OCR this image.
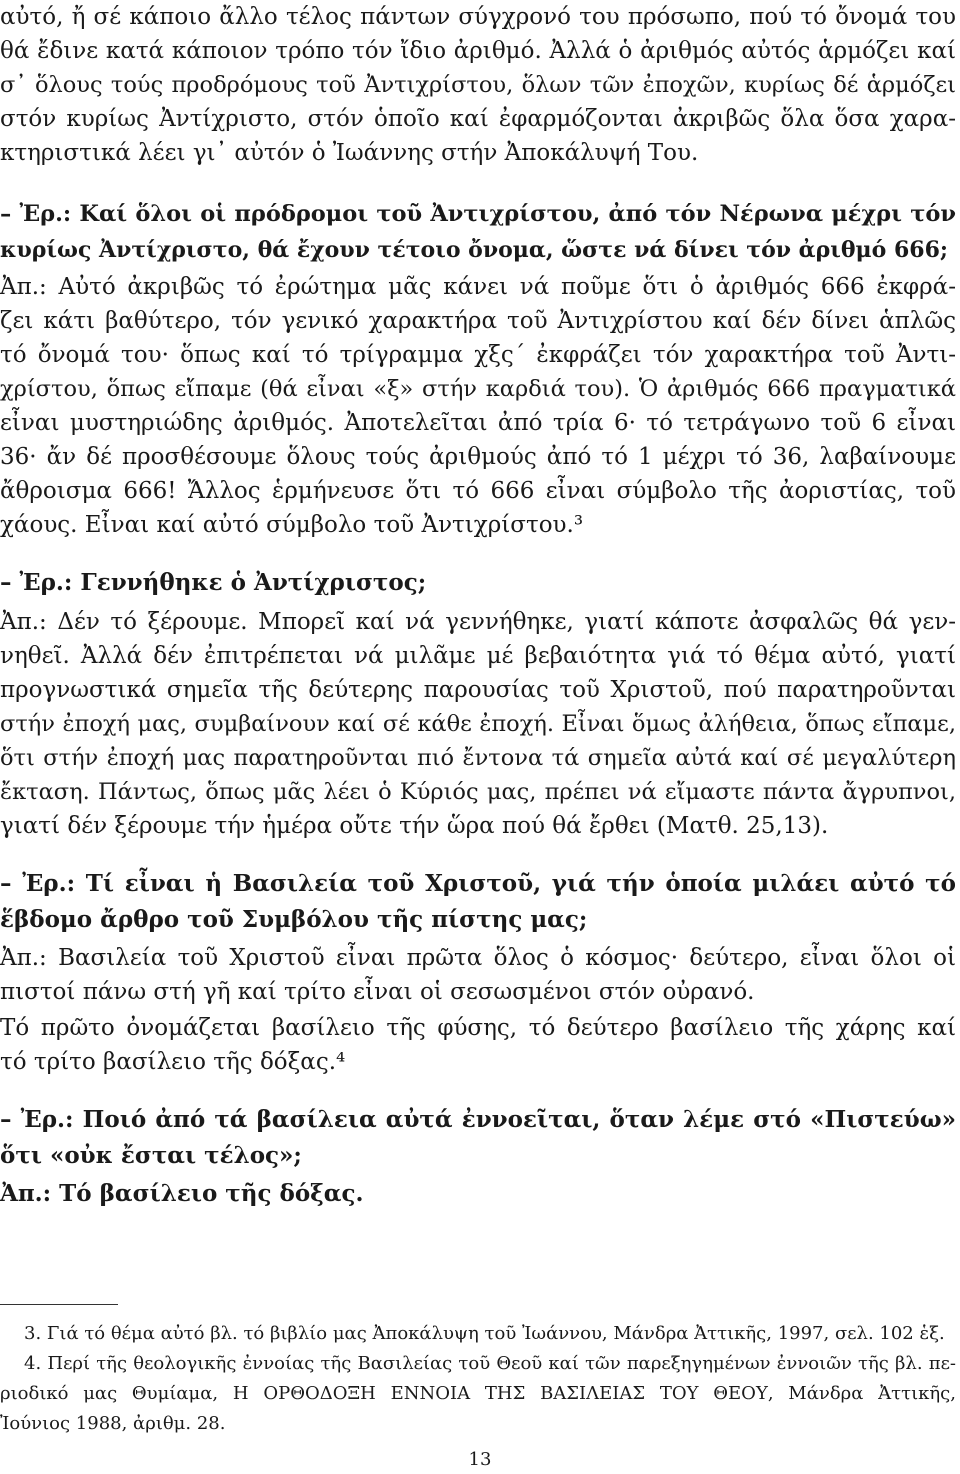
αὐτό, ἤ σέ κάποιο ἄλλο τέλος πάντων σύγχρονό του πρόσωπο, πού τό ὄνομά του
θά ἔδινε κατά κάποιον τρόπο τόν ἴδιο ἀριθμό. Ἀλλά ὁ ἀριθμός αὐτός ἁρμόζει καί
σ᾽ ὅλους τούς προδρόμους τοῦ Ἀντιχρίστου, ὅλων τῶν ἐποχῶν, κυρίως δέ ἁρμόζει
στόν κυρίως Ἀντίχριστο, στόν ὁποῖο καί ἐφαρμόζονται ἀκριβῶς ὅλα ὅσα χαρα-
κτηριστικά λέει γι᾽ αὐτόν ὁ Ἰωάννης στήν Ἀποκάλυψή Του.
– Ἐρ.: Καί ὅλοι οἱ πρόδρομοι τοῦ Ἀντιχρίστου, ἀπό τόν Νέρωνα μέχρι τόν
κυρίως Ἀντίχριστο, θά ἔχουν τέτοιο ὄνομα, ὥστε νά δίνει τόν ἀριθμό 666;
Ἀπ.: Αὐτό ἀκριβῶς τό ἐρώτημα μᾶς κάνει νά ποῦμε ὅτι ὁ ἀριθμός 666 ἐκφρά-
ζει κάτι βαθύτερο, τόν γενικό χαρακτήρα τοῦ Ἀντιχρίστου καί δέν δίνει ἁπλῶς
τό ὄνομά του· ὅπως καί τό τρίγραμμα χξς´ ἐκφράζει τόν χαρακτήρα τοῦ Ἀντι-
χρίστου, ὅπως εἴπαμε (θά εἶναι «ξ» στήν καρδιά του). Ὁ ἀριθμός 666 πραγματικά
εἶναι μυστηριώδης ἀριθμός. Ἀποτελεῖται ἀπό τρία 6· τό τετράγωνο τοῦ 6 εἶναι
36· ἄν δέ προσθέσουμε ὅλους τούς ἀριθμούς ἀπό τό 1 μέχρι τό 36, λαβαίνουμε
ἄθροισμα 666! Ἄλλος ἑρμήνευσε ὅτι τό 666 εἶναι σύμβολο τῆς ἀοριστίας, τοῦ
χάους. Εἶναι καί αὐτό σύμβολο τοῦ Ἀντιχρίστου.³
– Ἐρ.: Γεννήθηκε ὁ Ἀντίχριστος;
Ἀπ.: Δέν τό ξέρουμε. Μπορεῖ καί νά γεννήθηκε, γιατί κάποτε ἀσφαλῶς θά γεν-
νηθεῖ. Ἀλλά δέν ἐπιτρέπεται νά μιλᾶμε μέ βεβαιότητα γιά τό θέμα αὐτό, γιατί
προγνωστικά σημεῖα τῆς δεύτερης παρουσίας τοῦ Χριστοῦ, πού παρατηροῦνται
στήν ἐποχή μας, συμβαίνουν καί σέ κάθε ἐποχή. Εἶναι ὅμως ἀλήθεια, ὅπως εἴπαμε,
ὅτι στήν ἐποχή μας παρατηροῦνται πιό ἔντονα τά σημεῖα αὐτά καί σέ μεγαλύτερη
ἔκταση. Πάντως, ὅπως μᾶς λέει ὁ Κύριός μας, πρέπει νά εἴμαστε πάντα ἄγρυπνοι,
γιατί δέν ξέρουμε τήν ἡμέρα οὔτε τήν ὥρα πού θά ἔρθει (Ματθ. 25,13).
– Ἐρ.: Τί εἶναι ἡ Βασιλεία τοῦ Χριστοῦ, γιά τήν ὁποία μιλάει αὐτό τό
ἕβδομο ἄρθρο τοῦ Συμβόλου τῆς πίστης μας;
Ἀπ.: Βασιλεία τοῦ Χριστοῦ εἶναι πρῶτα ὅλος ὁ κόσμος· δεύτερο, εἶναι ὅλοι οἱ
πιστοί πάνω στή γῆ καί τρίτο εἶναι οἱ σεσωσμένοι στόν οὐρανό.
Τό πρῶτο ὀνομάζεται βασίλειο τῆς φύσης, τό δεύτερο βασίλειο τῆς χάρης καί
τό τρίτο βασίλειο τῆς δόξας.⁴
– Ἐρ.: Ποιό ἀπό τά βασίλεια αὐτά ἐννοεῖται, ὅταν λέμε στό «Πιστεύω»
ὅτι «οὐκ ἔσται τέλος»;
Ἀπ.: Τό βασίλειο τῆς δόξας.
3. Γιά τό θέμα αὐτό βλ. τό βιβλίο μας Ἀποκάλυψη τοῦ Ἰωάννου, Μάνδρα Ἀττικῆς, 1997, σελ. 102 ἑξ.
4. Περί τῆς θεολογικῆς ἐννοίας τῆς Βασιλείας τοῦ Θεοῦ καί τῶν παρεξηγημένων ἐννοιῶν τῆς βλ. πε-
ριοδικό μας Θυμίαμα, Η ΟΡΘΟΔΟΞΗ ΕΝΝΟΙΑ ΤΗΣ ΒΑΣΙΛΕΙΑΣ ΤΟΥ ΘΕΟΥ, Μάνδρα Ἀττικῆς,
Ἰούνιος 1988, ἀριθμ. 28.
13
